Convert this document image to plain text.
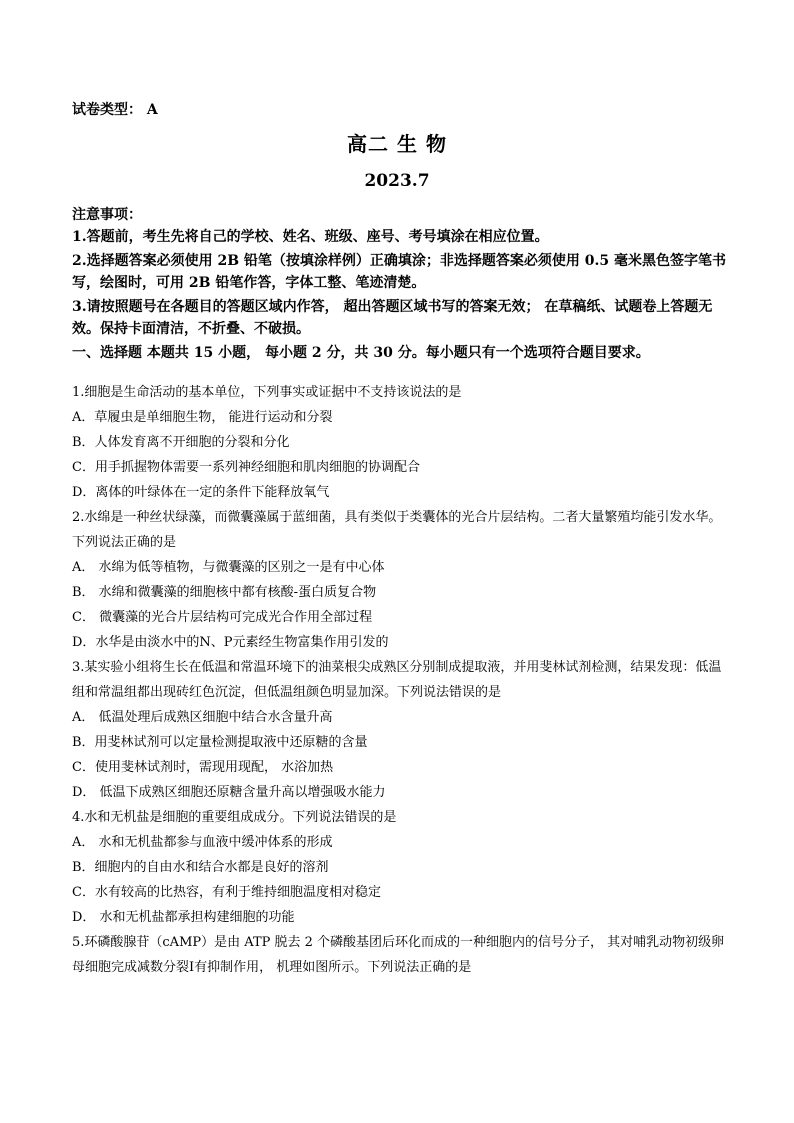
试卷类型： A
高二 生 物
2023.7
注意事项：

1.答题前，考生先将自己的学校、姓名、班级、座号、考号填涂在相应位置。

2.选择题答案必须使用 2B 铅笔（按填涂样例）正确填涂；非选择题答案必须使用 0.5 毫米黑色签字笔书写，绘图时，可用 2B 铅笔作答，字体工整、笔迹清楚。

3.请按照题号在各题目的答题区域内作答， 超出答题区域书写的答案无效； 在草稿纸、试题卷上答题无效。保持卡面清洁，不折叠、不破损。

一、选择题 本题共 15 小题， 每小题 2 分，共 30 分。每小题只有一个选项符合题目要求。

1.细胞是生命活动的基本单位，下列事实或证据中不支持该说法的是

A．草履虫是单细胞生物， 能进行运动和分裂

B．人体发育离不开细胞的分裂和分化

C．用手抓握物体需要一系列神经细胞和肌肉细胞的协调配合

D．离体的叶绿体在一定的条件下能释放氧气

2.水绵是一种丝状绿藻，而微囊藻属于蓝细菌，具有类似于类囊体的光合片层结构。二者大量繁殖均能引发水华。下列说法正确的是

A． 水绵为低等植物，与微囊藻的区别之一是有中心体

B． 水绵和微囊藻的细胞核中都有核酸-蛋白质复合物

C． 微囊藻的光合片层结构可完成光合作用全部过程

D．水华是由淡水中的N、P元素经生物富集作用引发的

3.某实验小组将生长在低温和常温环境下的油菜根尖成熟区分别制成提取液，并用斐林试剂检测，结果发现：低温组和常温组都出现砖红色沉淀，但低温组颜色明显加深。下列说法错误的是

A． 低温处理后成熟区细胞中结合水含量升高

B．用斐林试剂可以定量检测提取液中还原糖的含量

C．使用斐林试剂时，需现用现配， 水浴加热

D． 低温下成熟区细胞还原糖含量升高以增强吸水能力

4.水和无机盐是细胞的重要组成成分。下列说法错误的是

A． 水和无机盐都参与血液中缓冲体系的形成

B．细胞内的自由水和结合水都是良好的溶剂

C．水有较高的比热容，有利于维持细胞温度相对稳定

D． 水和无机盐都承担构建细胞的功能

5.环磷酸腺苷（cAMP）是由 ATP 脱去 2 个磷酸基团后环化而成的一种细胞内的信号分子， 其对哺乳动物初级卵母细胞完成减数分裂Ⅰ有抑制作用， 机理如图所示。下列说法正确的是
